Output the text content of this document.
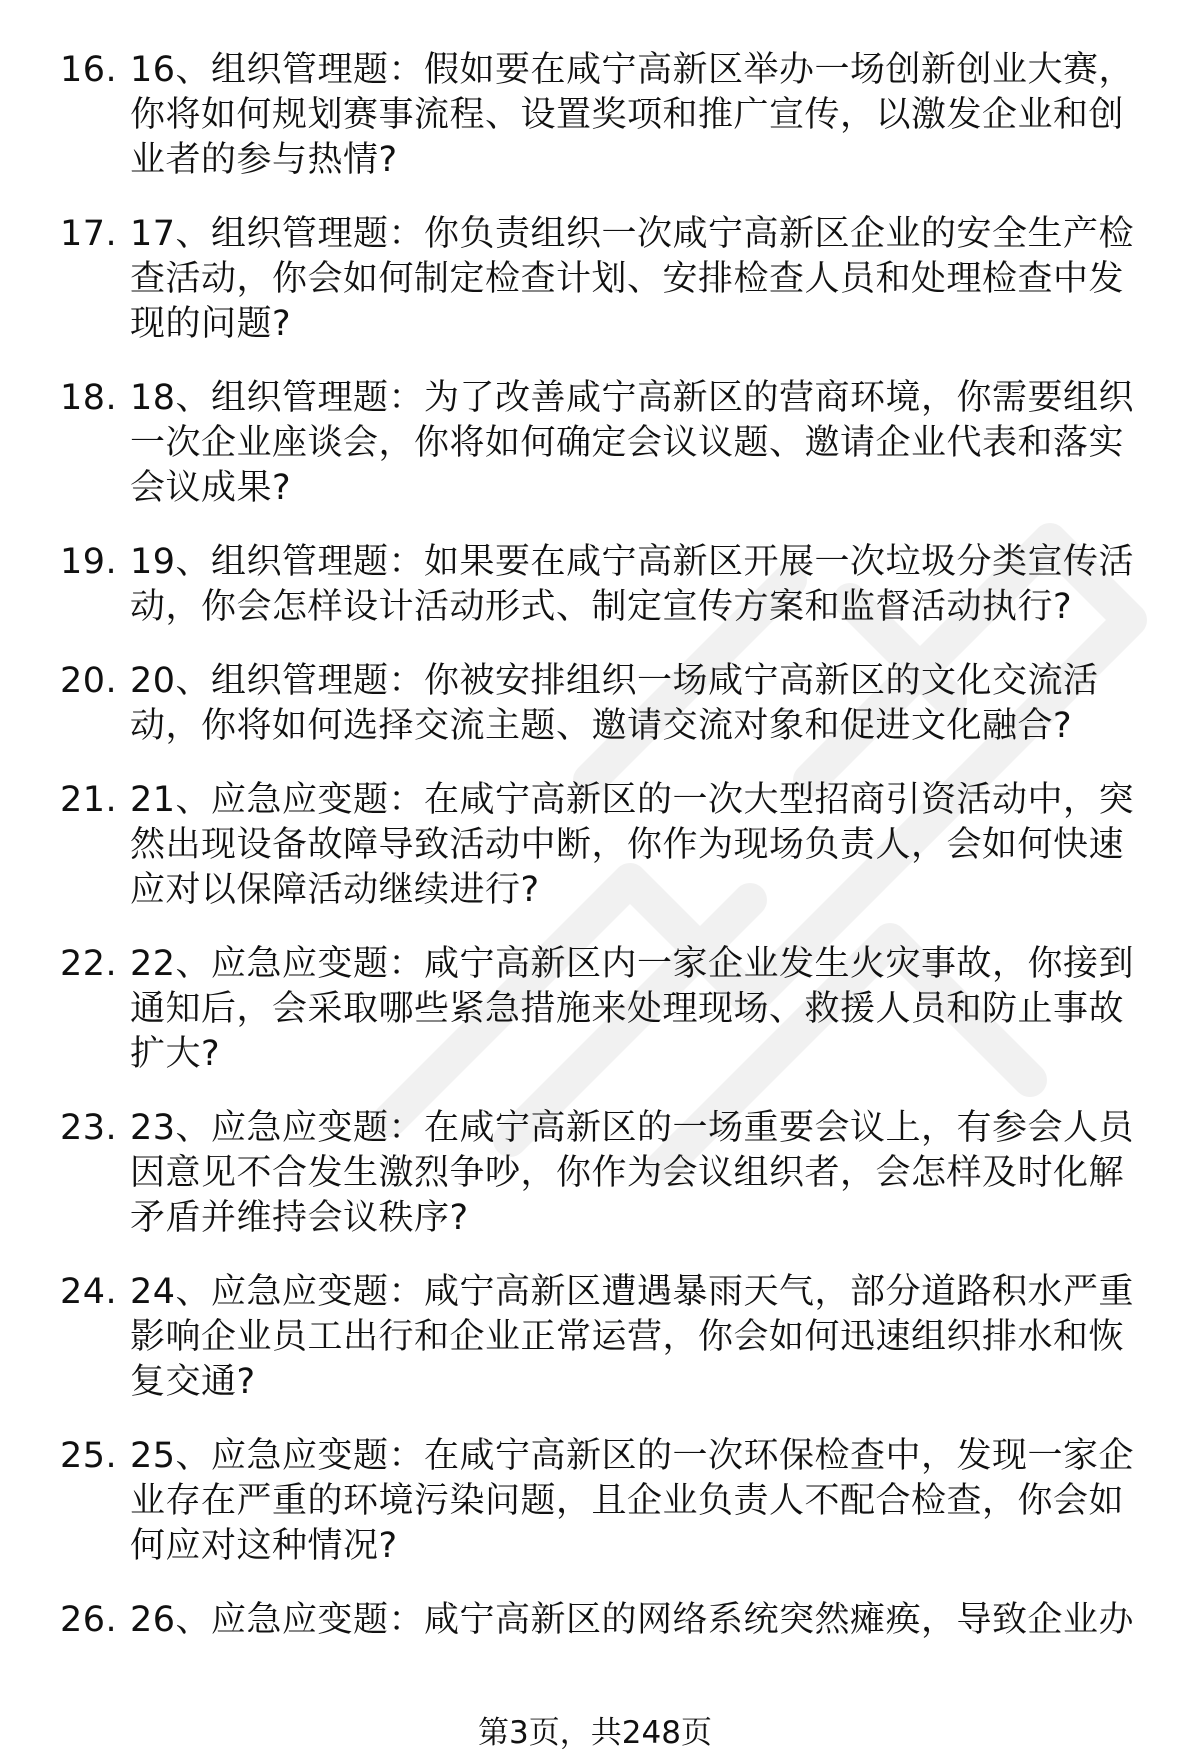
16. 16、组织管理题：假如要在咸宁高新区举办一场创新创业大赛，你将如何规划赛事流程、设置奖项和推广宣传，以激发企业和创业者的参与热情?
17. 17、组织管理题：你负责组织一次咸宁高新区企业的安全生产检查活动，你会如何制定检查计划、安排检查人员和处理检查中发现的问题?
18. 18、组织管理题：为了改善咸宁高新区的营商环境，你需要组织一次企业座谈会，你将如何确定会议议题、邀请企业代表和落实会议成果?
19. 19、组织管理题：如果要在咸宁高新区开展一次垃圾分类宣传活动，你会怎样设计活动形式、制定宣传方案和监督活动执行?
20. 20、组织管理题：你被安排组织一场咸宁高新区的文化交流活动，你将如何选择交流主题、邀请交流对象和促进文化融合?
21. 21、应急应变题：在咸宁高新区的一次大型招商引资活动中，突然出现设备故障导致活动中断，你作为现场负责人，会如何快速应对以保障活动继续进行?
22. 22、应急应变题：咸宁高新区内一家企业发生火灾事故，你接到通知后，会采取哪些紧急措施来处理现场、救援人员和防止事故扩大?
23. 23、应急应变题：在咸宁高新区的一场重要会议上，有参会人员因意见不合发生激烈争吵，你作为会议组织者，会怎样及时化解矛盾并维持会议秩序?
24. 24、应急应变题：咸宁高新区遭遇暴雨天气，部分道路积水严重影响企业员工出行和企业正常运营，你会如何迅速组织排水和恢复交通?
25. 25、应急应变题：在咸宁高新区的一次环保检查中，发现一家企业存在严重的环境污染问题，且企业负责人不配合检查，你会如何应对这种情况?
26. 26、应急应变题：咸宁高新区的网络系统突然瘫痪，导致企业办
第3页，共248页
